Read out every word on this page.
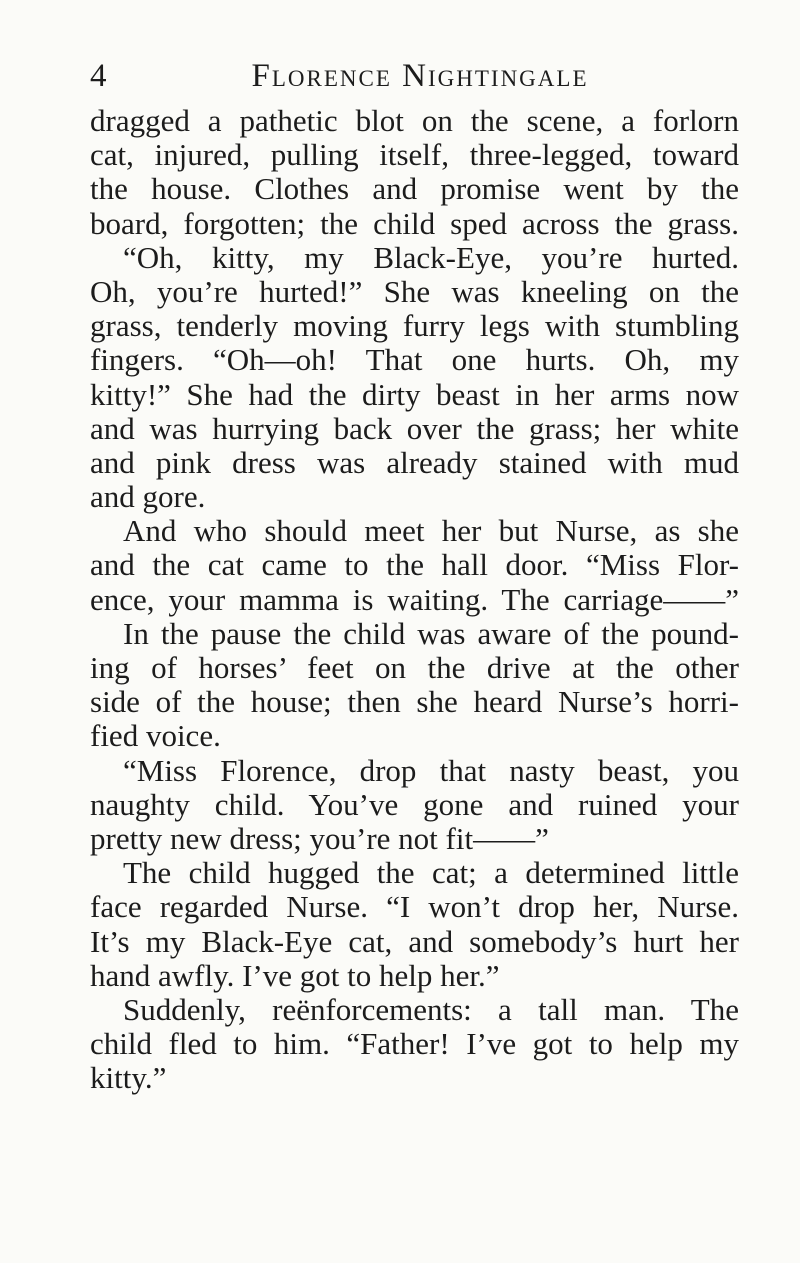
4	Florence Nightingale
dragged a pathetic blot on the scene, a forlorn
cat, injured, pulling itself, three-legged, toward
the house. Clothes and promise went by the
board, forgotten; the child sped across the grass.
“Oh, kitty, my Black-Eye, you’re hurted.
Oh, you’re hurted!” She was kneeling on the
grass, tenderly moving furry legs with stumbling
fingers. “Oh—oh! That one hurts. Oh, my
kitty!” She had the dirty beast in her arms now
and was hurrying back over the grass; her white
and pink dress was already stained with mud
and gore.
And who should meet her but Nurse, as she
and the cat came to the hall door. “Miss Flor-
ence, your mamma is waiting. The carriage——”
In the pause the child was aware of the pound-
ing of horses’ feet on the drive at the other
side of the house; then she heard Nurse’s horri-
fied voice.
“Miss Florence, drop that nasty beast, you
naughty child. You’ve gone and ruined your
pretty new dress; you’re not fit——”
The child hugged the cat; a determined little
face regarded Nurse. “I won’t drop her, Nurse.
It’s my Black-Eye cat, and somebody’s hurt her
hand awfly. I’ve got to help her.”
Suddenly, reënforcements: a tall man. The
child fled to him. “Father! I’ve got to help my
kitty.”
